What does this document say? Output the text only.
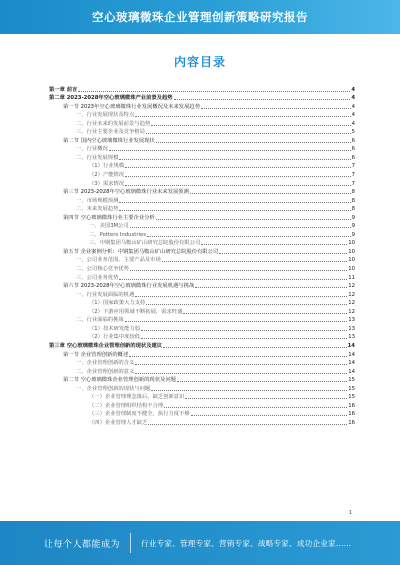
空心玻璃微珠企业管理创新策略研究报告
内容目录
第一章 前言	4
第二章 2023-2028年空心玻璃微珠产业前景及趋势	4
第一节 2023年空心玻璃微珠行业发展概况及未来发展趋势	4
一、行业发展现状及特点	4
二、行业未来的发展前景与趋势	4
三、行业主要企业及竞争格局	5
第二节 国内空心玻璃微珠行业发展现状	6
一、行业概况	6
二、行业发展规模	6
（1）行业规模	7
（2）产能情况	7
（3）需求情况	7
第三节 2023-2028年空心玻璃微珠行业未来发展预测	8
一、市场规模预测	8
二、未来发展趋势	8
第四节 空心玻璃微珠行业主要企业分析	9
一、美国3M公司	9
二、Potters Industries	9
三、中钢集团马鞍山矿山研究总院股份有限公司	10
第五节 企业案例分析：中钢集团马鞍山矿山研究总院股份有限公司	10
一、公司业务范围、主要产品及市场	10
二、公司核心竞争优势	10
三、公司业务优势	11
第六节 2023-2028年空心玻璃微珠行业发展机遇与挑战	12
一、行业发展面临的机遇	12
（1）国家政策大力支持	12
（2）下游应用领域不断拓展，需求旺盛	12
二、行业面临的挑战	13
（1）技术研发能力弱	13
（2）行业集中度较低	13
第三章 空心玻璃微珠企业管理创新的现状及建议	14
第一节 企业管理创新的概述	14
一、企业管理创新的含义	14
二、企业管理创新的意义	14
第二节 空心玻璃微珠企业管理创新的现状及问题	15
一、企业管理创新的现状与问题	15
（一）企业管理理念落后，缺乏创新意识	15
（二）企业管理组织结构不合理	16
（三）企业管理制度不健全，执行力度不够	16
（四）企业管理人才缺乏	16
1
让每个人都能成为	行业专家、管理专家、营销专家、战略专家、成功企业家……
